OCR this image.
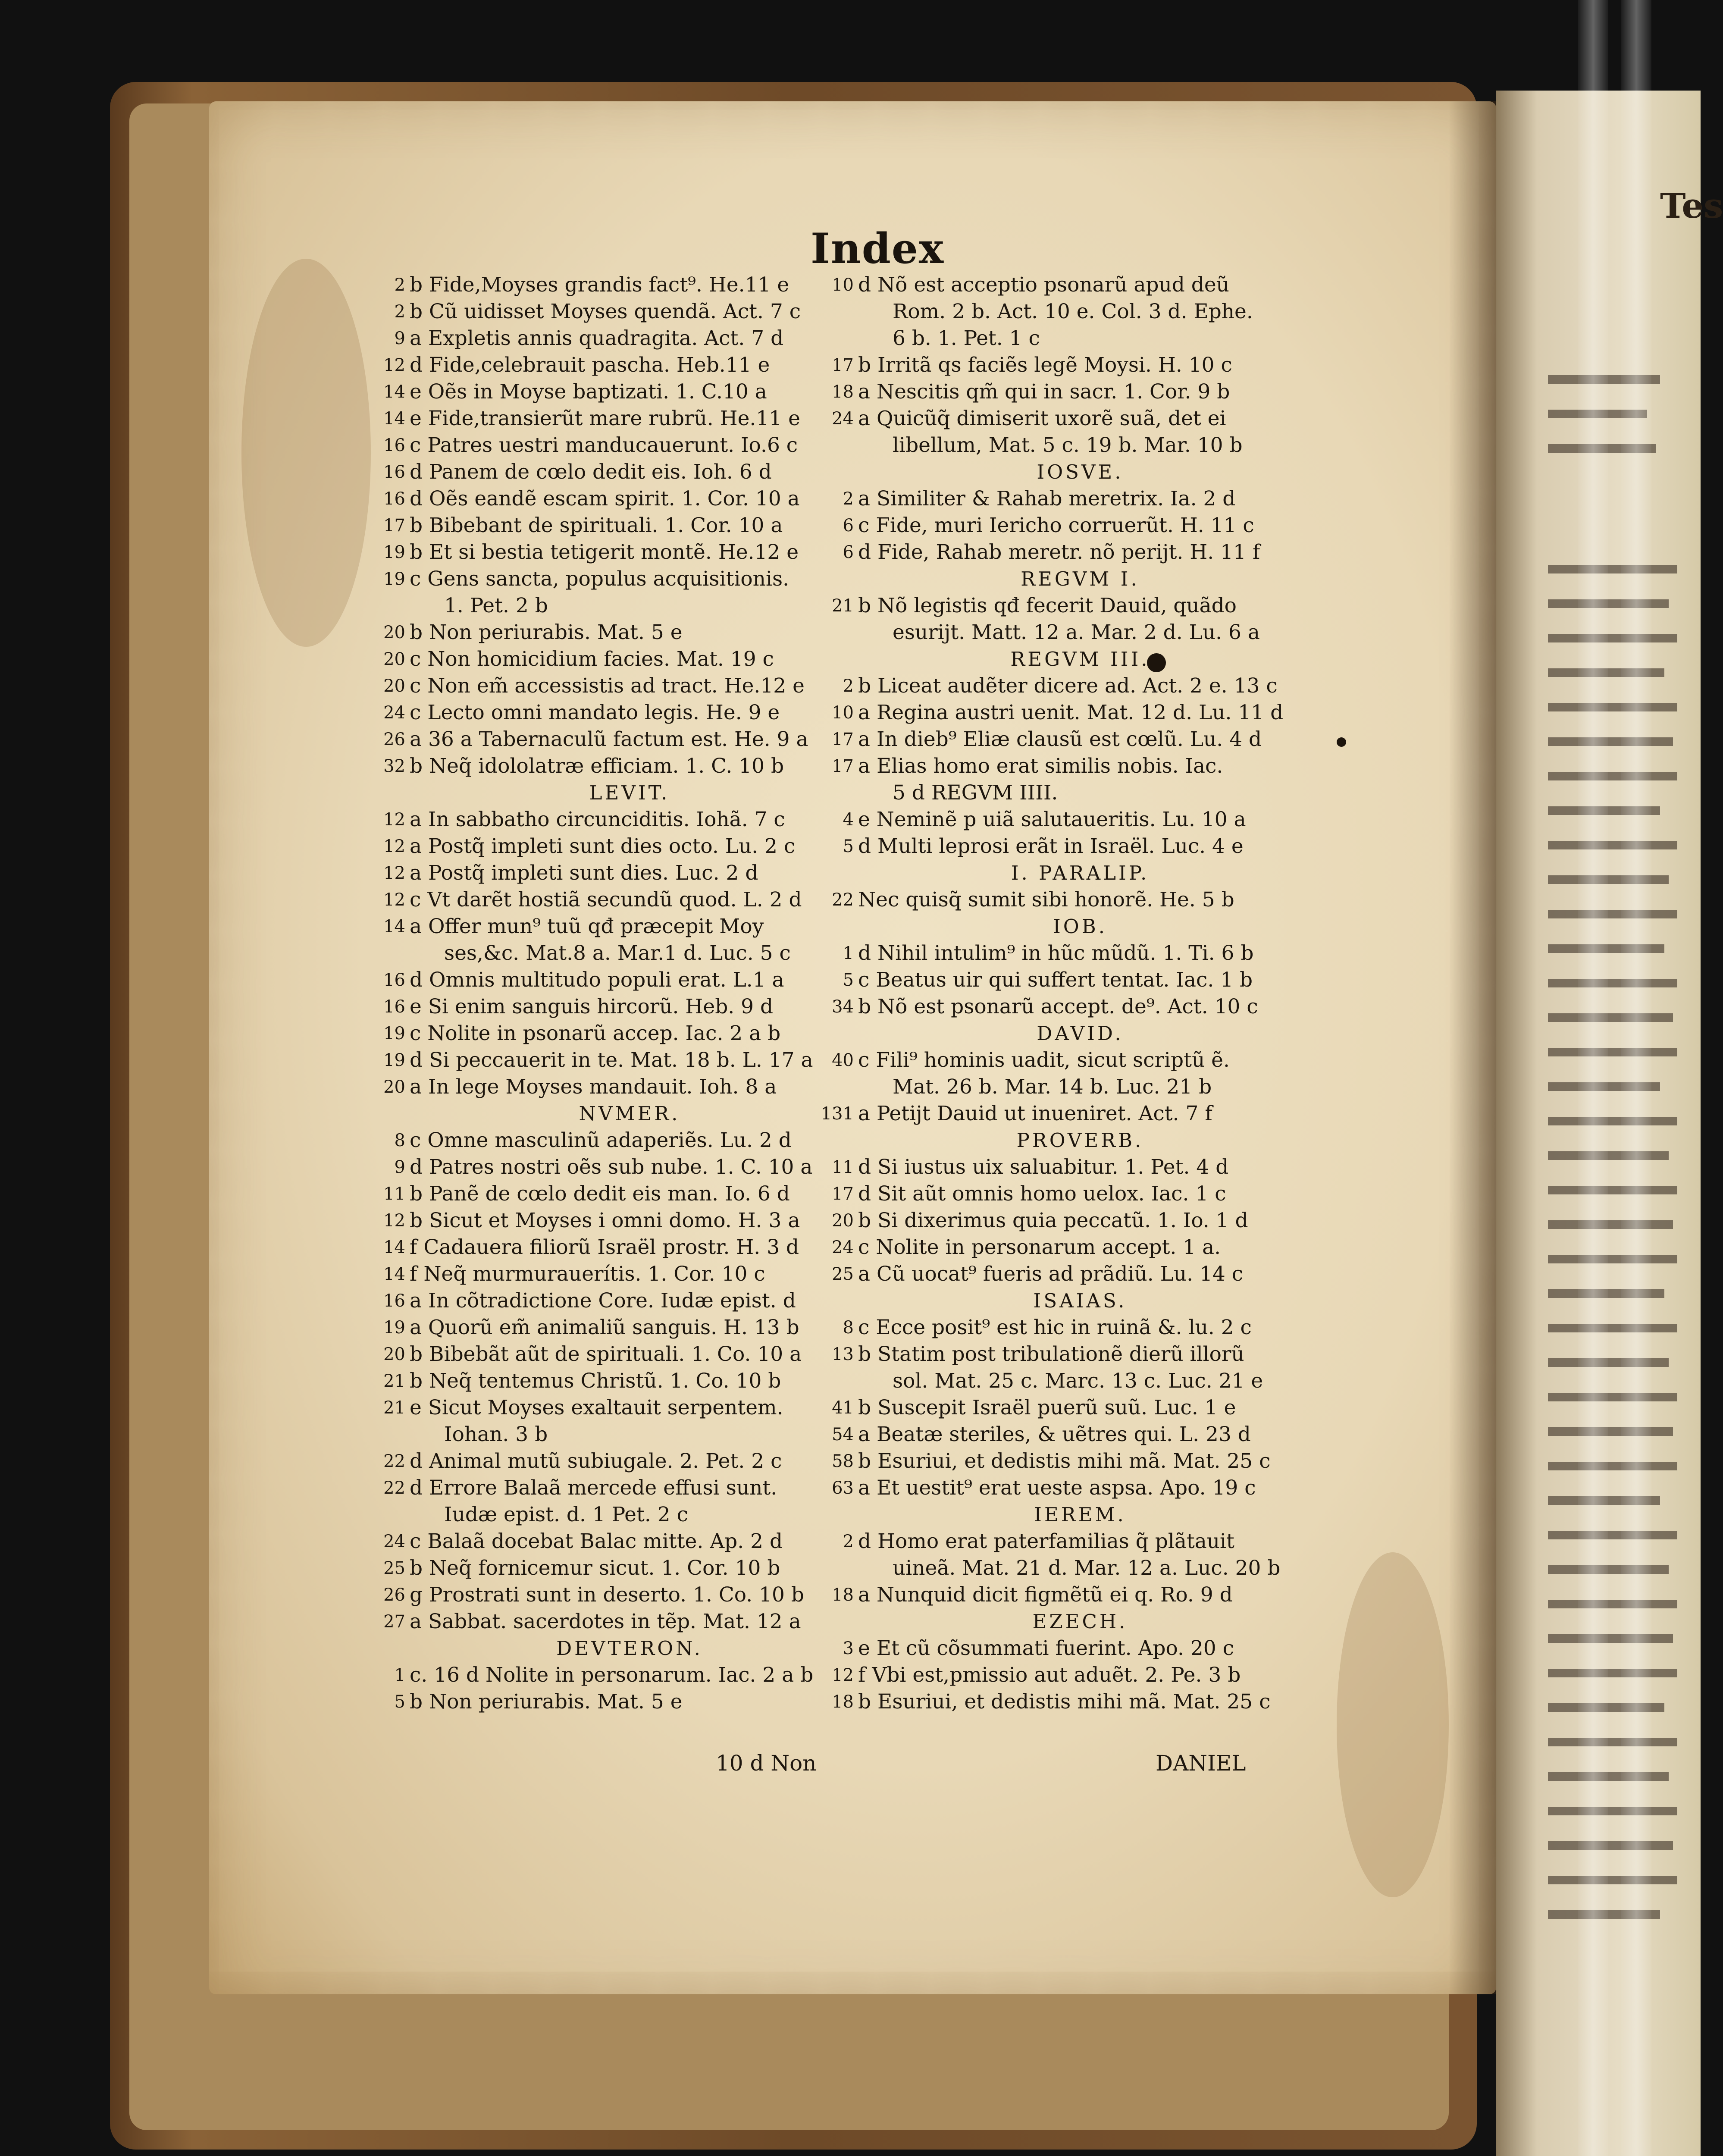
Tes
Index
2 b Fide,Moyses grandis fact⁹. He.11 e
2 b Cũ uidisset Moyses quendã. Act. 7 c
9 a Expletis annis quadragita. Act. 7 d
12 d Fide,celebrauit pascha. Heb.11 e
14 e Oẽs in Moyse baptizati. 1. C.10 a
14 e Fide,transierũt mare rubrũ. He.11 e
16 c Patres uestri manducauerunt. Io.6 c
16 d Panem de cœlo dedit eis. Ioh. 6 d
16 d Oẽs eandẽ escam spirit. 1. Cor. 10 a
17 b Bibebant de spirituali. 1. Cor. 10 a
19 b Et si bestia tetigerit montẽ. He.12 e
19 c Gens sancta, populus acquisitionis.
1. Pet. 2 b
20 b Non periurabis. Mat. 5 e
20 c Non homicidium facies. Mat. 19 c
20 c Non em̃ accessistis ad tract. He.12 e
24 c Lecto omni mandato legis. He. 9 e
26 a 36 a Tabernaculũ factum est. He. 9 a
32 b Neq̃ idololatræ efficiam. 1. C. 10 b
LEVIT.
12 a In sabbatho circunciditis. Iohã. 7 c
12 a Postq̃ impleti sunt dies octo. Lu. 2 c
12 a Postq̃ impleti sunt dies. Luc. 2 d
12 c Vt darẽt hostiã secundũ quod. L. 2 d
14 a Offer mun⁹ tuũ qđ præcepit Moy
ses,&c. Mat.8 a. Mar.1 d. Luc. 5 c
16 d Omnis multitudo populi erat. L.1 a
16 e Si enim sanguis hircorũ. Heb. 9 d
19 c Nolite in psonarũ accep. Iac. 2 a b
19 d Si peccauerit in te. Mat. 18 b. L. 17 a
20 a In lege Moyses mandauit. Ioh. 8 a
NVMER.
8 c Omne masculinũ adaperiẽs. Lu. 2 d
9 d Patres nostri oẽs sub nube. 1. C. 10 a
11 b Panẽ de cœlo dedit eis man. Io. 6 d
12 b Sicut et Moyses i omni domo. H. 3 a
14 f Cadauera filiorũ Israël prostr. H. 3 d
14 f Neq̃ murmurauerítis. 1. Cor. 10 c
16 a In cõtradictione Core. Iudæ epist. d
19 a Quorũ em̃ animaliũ sanguis. H. 13 b
20 b Bibebãt aũt de spirituali. 1. Co. 10 a
21 b Neq̃ tentemus Christũ. 1. Co. 10 b
21 e Sicut Moyses exaltauit serpentem.
Iohan. 3 b
22 d Animal mutũ subiugale. 2. Pet. 2 c
22 d Errore Balaã mercede effusi sunt.
Iudæ epist. d. 1 Pet. 2 c
24 c Balaã docebat Balac mitte. Ap. 2 d
25 b Neq̃ fornicemur sicut. 1. Cor. 10 b
26 g Prostrati sunt in deserto. 1. Co. 10 b
27 a Sabbat. sacerdotes in tẽp. Mat. 12 a
DEVTERON.
1 c. 16 d Nolite in personarum. Iac. 2 a b
5 b Non periurabis. Mat. 5 e
10 d Nõ est acceptio psonarũ apud deũ
Rom. 2 b. Act. 10 e. Col. 3 d. Ephe.
6 b. 1. Pet. 1 c
17 b Irritã qs faciẽs legẽ Moysi. H. 10 c
18 a Nescitis qm̃ qui in sacr. 1. Cor. 9 b
24 a Quicũq̃ dimiserit uxorẽ suã, det ei
libellum, Mat. 5 c. 19 b. Mar. 10 b
IOSVE.
2 a Similiter & Rahab meretrix. Ia. 2 d
6 c Fide, muri Iericho corruerũt. H. 11 c
6 d Fide, Rahab meretr. nõ perijt. H. 11 f
REGVM I.
21 b Nõ legistis qđ fecerit Dauid, quãdo
esurijt. Matt. 12 a. Mar. 2 d. Lu. 6 a
REGVM III.
2 b Liceat audẽter dicere ad. Act. 2 e. 13 c
10 a Regina austri uenit. Mat. 12 d. Lu. 11 d
17 a In dieb⁹ Eliæ clausũ est cœlũ. Lu. 4 d
17 a Elias homo erat similis nobis. Iac.
5 d REGVM IIII.
4 e Neminẽ p uiã salutaueritis. Lu. 10 a
5 d Multi leprosi erãt in Israël. Luc. 4 e
I. PARALIP.
22 Nec quisq̃ sumit sibi honorẽ. He. 5 b
IOB.
1 d Nihil intulim⁹ in hũc mũdũ. 1. Ti. 6 b
5 c Beatus uir qui suffert tentat. Iac. 1 b
34 b Nõ est psonarũ accept. de⁹. Act. 10 c
DAVID.
40 c Fili⁹ hominis uadit, sicut scriptũ ẽ.
Mat. 26 b. Mar. 14 b. Luc. 21 b
131 a Petijt Dauid ut inueniret. Act. 7 f
PROVERB.
11 d Si iustus uix saluabitur. 1. Pet. 4 d
17 d Sit aũt omnis homo uelox. Iac. 1 c
20 b Si dixerimus quia peccatũ. 1. Io. 1 d
24 c Nolite in personarum accept. 1 a.
25 a Cũ uocat⁹ fueris ad prãdiũ. Lu. 14 c
ISAIAS.
8 c Ecce posit⁹ est hic in ruinã &. lu. 2 c
13 b Statim post tribulationẽ dierũ illorũ
sol. Mat. 25 c. Marc. 13 c. Luc. 21 e
41 b Suscepit Israël puerũ suũ. Luc. 1 e
54 a Beatæ steriles, & uẽtres qui. L. 23 d
58 b Esuriui, et dedistis mihi mã. Mat. 25 c
63 a Et uestit⁹ erat ueste aspsa. Apo. 19 c
IEREM.
2 d Homo erat paterfamilias q̃ plãtauit
uineã. Mat. 21 d. Mar. 12 a. Luc. 20 b
18 a Nunquid dicit figmẽtũ ei q. Ro. 9 d
EZECH.
3 e Et cũ cõsummati fuerint. Apo. 20 c
12 f Vbi est,pmissio aut aduẽt. 2. Pe. 3 b
18 b Esuriui, et dedistis mihi mã. Mat. 25 c
10 d Non	DANIEL
